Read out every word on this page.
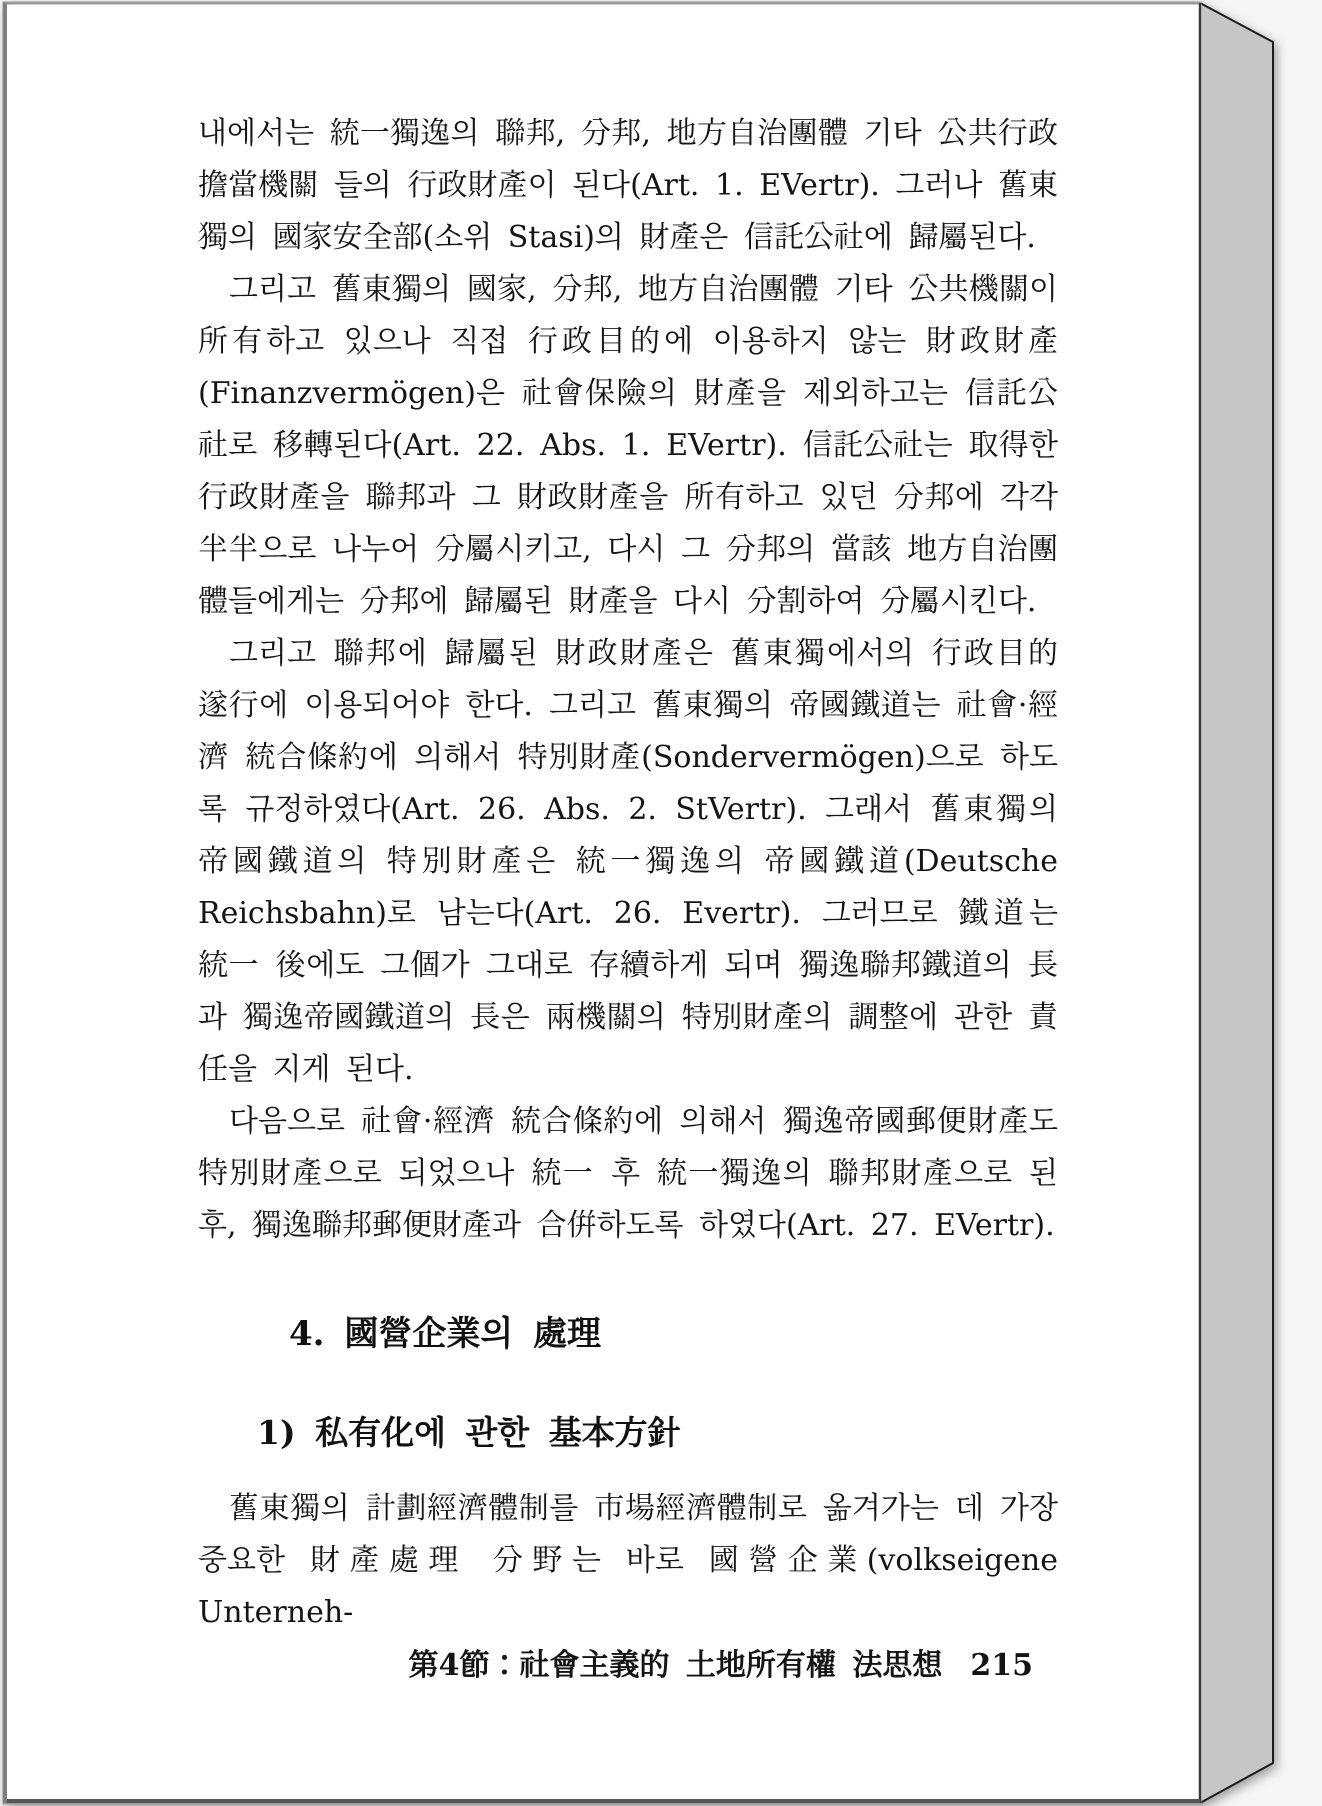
내에서는 統一獨逸의 聯邦, 分邦, 地方自治團體 기타 公共行政 擔當機關 들의 行政財產이 된다(Art. 1. EVertr). 그러나 舊東獨의 國家安全部(소위 Stasi)의 財產은 信託公社에 歸屬된다.

그리고 舊東獨의 國家, 分邦, 地方自治團體 기타 公共機關이 所有하고 있으나 직접 行政目的에 이용하지 않는 財政財產(Finanzvermögen)은 社會保險의 財產을 제외하고는 信託公社로 移轉된다(Art. 22. Abs. 1. EVertr). 信託公社는 取得한 行政財產을 聯邦과 그 財政財產을 所有하고 있던 分邦에 각각 半半으로 나누어 分屬시키고, 다시 그 分邦의 當該 地方自治團體들에게는 分邦에 歸屬된 財產을 다시 分割하여 分屬시킨다.

그리고 聯邦에 歸屬된 財政財產은 舊東獨에서의 行政目的 遂行에 이용되어야 한다. 그리고 舊東獨의 帝國鐵道는 社會·經濟 統合條約에 의해서 特別財產(Sondervermögen)으로 하도록 규정하였다(Art. 26. Abs. 2. StVertr). 그래서 舊東獨의 帝國鐵道의 特別財產은 統一獨逸의 帝國鐵道(Deutsche Reichsbahn)로 남는다(Art. 26. Evertr). 그러므로 鐵道는 統一 後에도 그個가 그대로 存續하게 되며 獨逸聯邦鐵道의 長과 獨逸帝國鐵道의 長은 兩機關의 特別財產의 調整에 관한 責任을 지게 된다.

다음으로 社會·經濟 統合條約에 의해서 獨逸帝國郵便財產도 特別財產으로 되었으나 統一 후 統一獨逸의 聯邦財產으로 된 후, 獨逸聯邦郵便財產과 合倂하도록 하였다(Art. 27. EVertr).

4. 國營企業의 處理
1) 私有化에 관한 基本方針

舊東獨의 計劃經濟體制를 市場經濟體制로 옮겨가는 데 가장 중요한 財產處理 分野는 바로 國營企業(volkseigene Unterneh-

第4節：社會主義的 土地所有權 法思想 215
